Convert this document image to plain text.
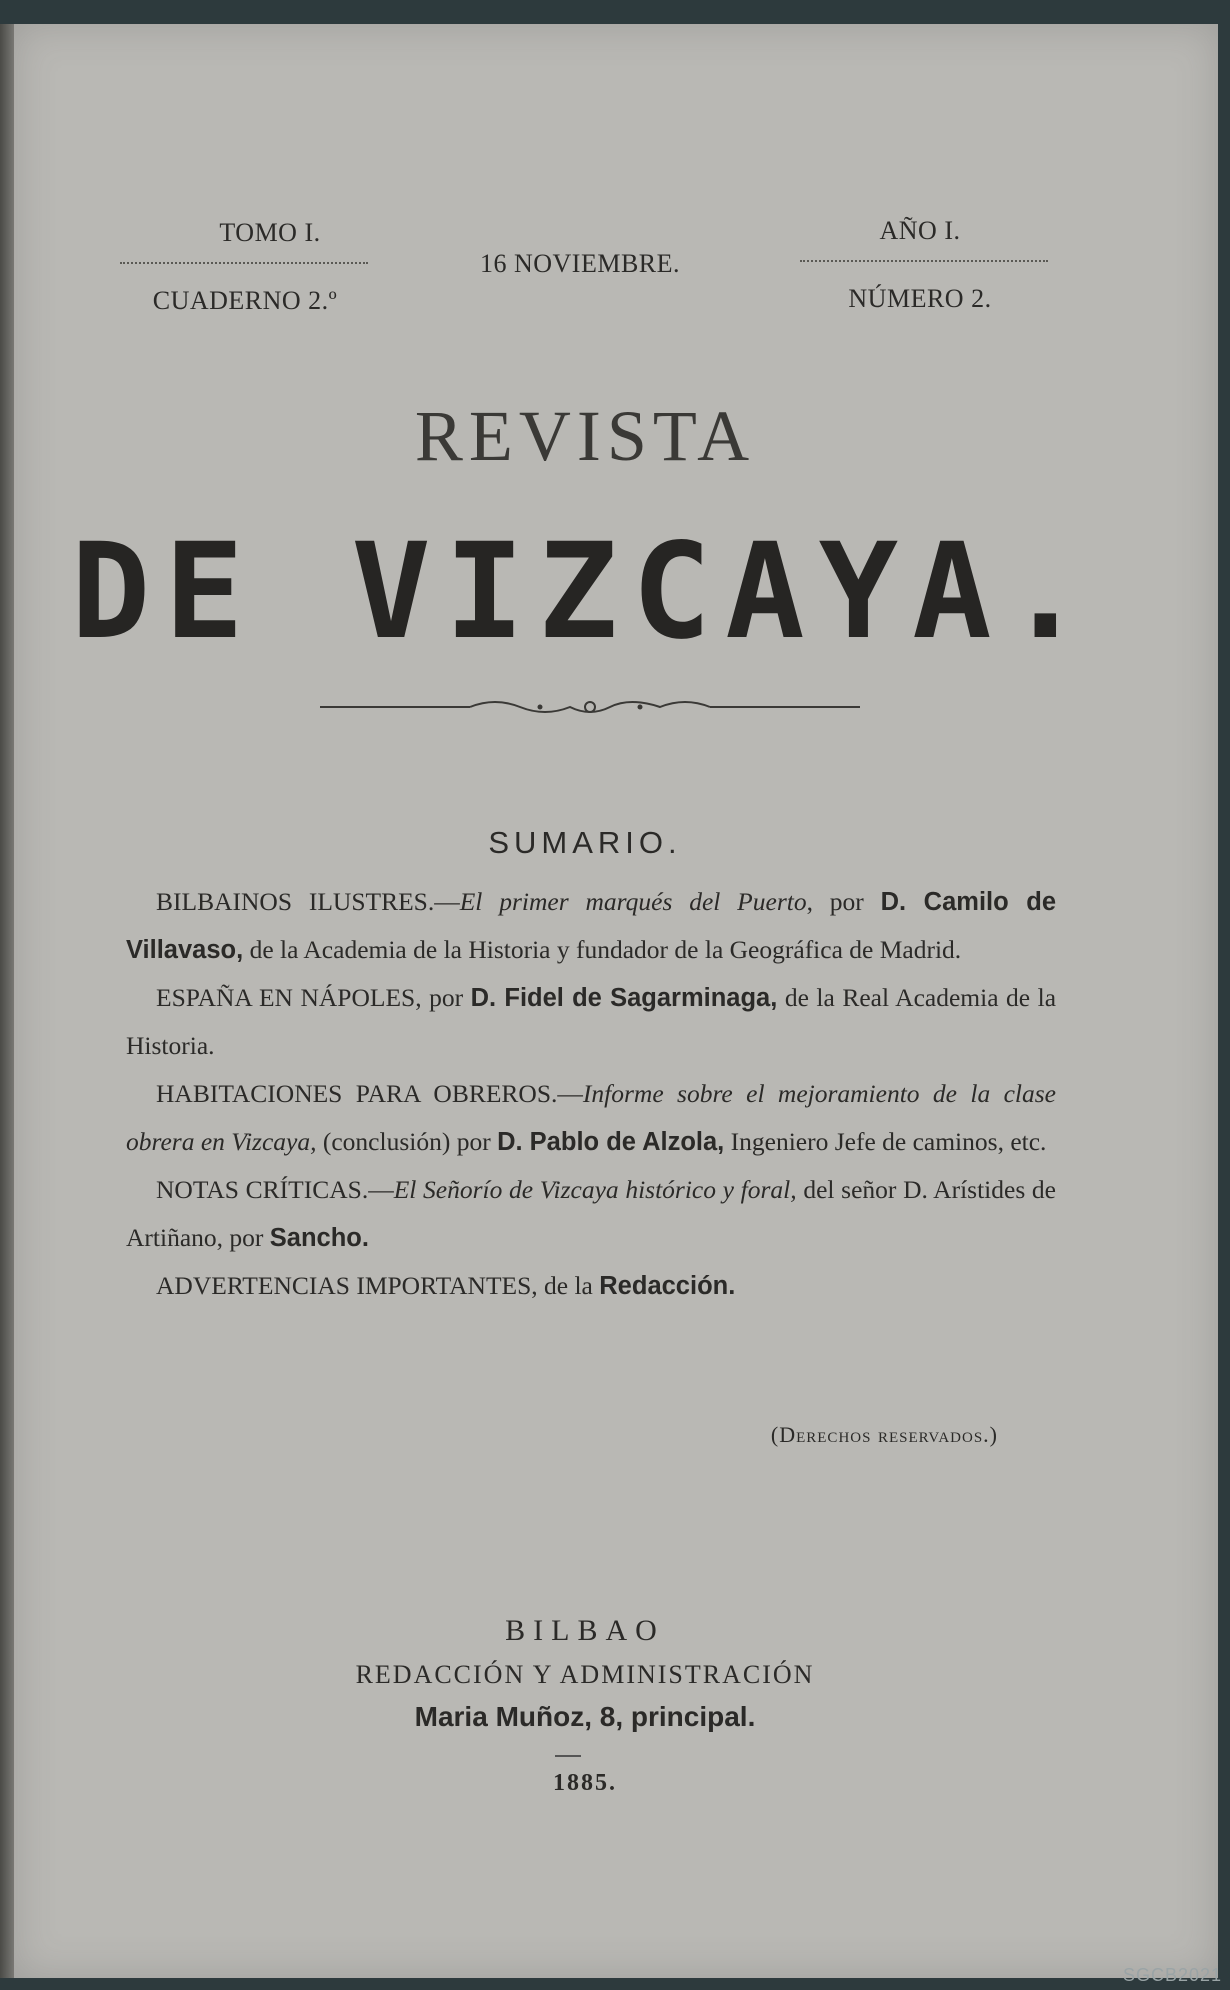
TOMO I.
CUADERNO 2.º
16 NOVIEMBRE.
AÑO I.
NÚMERO 2.
REVISTA
DE VIZCAYA.
SUMARIO.

BILBAINOS ILUSTRES.—El primer marqués del Puerto, por D. Camilo de Villavaso, de la Academia de la Historia y fundador de la Geográfica de Madrid.

ESPAÑA EN NÁPOLES, por D. Fidel de Sagarminaga, de la Real Academia de la Historia.

HABITACIONES PARA OBREROS.—Informe sobre el mejoramiento de la clase obrera en Vizcaya, (conclusión) por D. Pablo de Alzola, Ingeniero Jefe de caminos, etc.

NOTAS CRÍTICAS.—El Señorío de Vizcaya histórico y foral, del señor D. Arístides de Artiñano, por Sancho.

ADVERTENCIAS IMPORTANTES, de la Redacción.

(Derechos reservados.)
BILBAO
REDACCIÓN Y ADMINISTRACIÓN
Maria Muñoz, 8, principal.
1885.
SGCB2021
